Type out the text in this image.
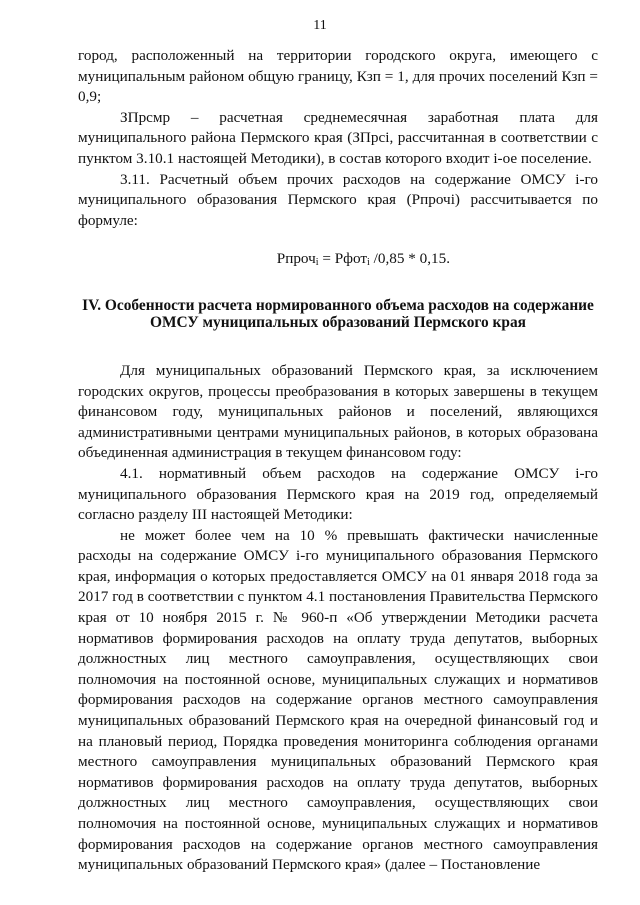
11

город, расположенный на территории городского округа, имеющего с муниципальным районом общую границу, Кзп = 1, для прочих поселений Кзп = 0,9;

ЗПрсмр – расчетная среднемесячная заработная плата для муниципального района Пермского края (ЗПрсi, рассчитанная в соответствии с пунктом 3.10.1 настоящей Методики), в состав которого входит i-ое поселение.

3.11. Расчетный объем прочих расходов на содержание ОМСУ i-го муниципального образования Пермского края (Рпрочi) рассчитывается по формуле:

Рпроч$_i$ = Рфот$_i$ /0,85 * 0,15.

IV. Особенности расчета нормированного объема расходов на содержание ОМСУ муниципальных образований Пермского края

Для муниципальных образований Пермского края, за исключением городских округов, процессы преобразования в которых завершены в текущем финансовом году, муниципальных районов и поселений, являющихся административными центрами муниципальных районов, в которых образована объединенная администрация в текущем финансовом году:

4.1. нормативный объем расходов на содержание ОМСУ i-го муниципального образования Пермского края на 2019 год, определяемый согласно разделу III настоящей Методики:

не может более чем на 10 % превышать фактически начисленные расходы на содержание ОМСУ i-го муниципального образования Пермского края, информация о которых предоставляется ОМСУ на 01 января 2018 года за 2017 год в соответствии с пунктом 4.1 постановления Правительства Пермского края от 10 ноября 2015 г. № 960-п «Об утверждении Методики расчета нормативов формирования расходов на оплату труда депутатов, выборных должностных лиц местного самоуправления, осуществляющих свои полномочия на постоянной основе, муниципальных служащих и нормативов формирования расходов на содержание органов местного самоуправления муниципальных образований Пермского края на очередной финансовый год и на плановый период, Порядка проведения мониторинга соблюдения органами местного самоуправления муниципальных образований Пермского края нормативов формирования расходов на оплату труда депутатов, выборных должностных лиц местного самоуправления, осуществляющих свои полномочия на постоянной основе, муниципальных служащих и нормативов формирования расходов на содержание органов местного самоуправления муниципальных образований Пермского края» (далее – Постановление
